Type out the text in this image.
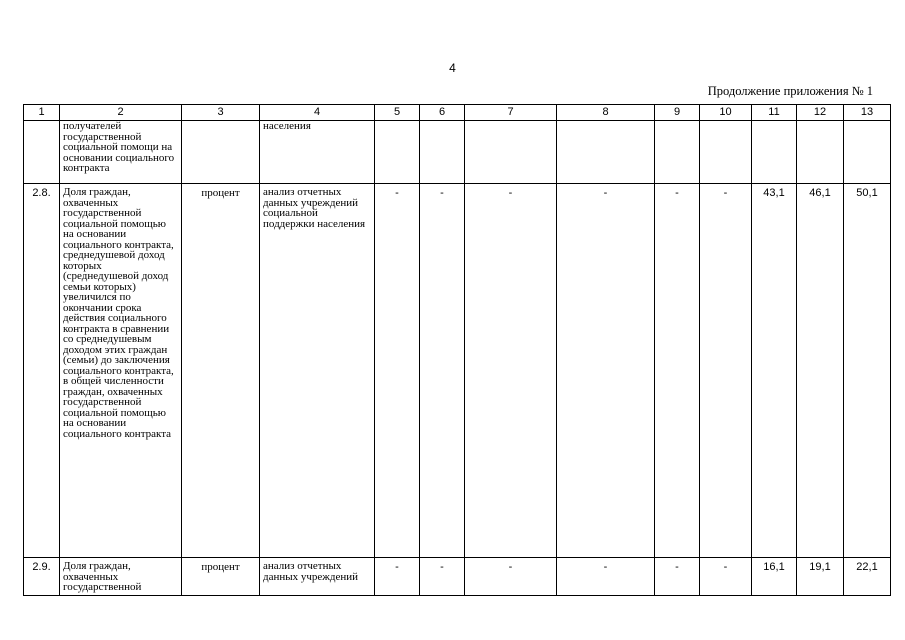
4
Продолжение приложения № 1
1	2	3	4	5	6	7	8	9	10	11	12	13
	получателей государственной социальной помощи на основании социального контракта		населения									
2.8.	Доля граждан, охваченных государственной социальной помощью на основании социального контракта, среднедушевой доход которых (среднедушевой доход семьи которых) увеличился по окончании срока действия социального контракта в сравнении со среднедушевым доходом этих граждан (семьи) до заключения социального контракта, в общей численности граждан, охваченных государственной социальной помощью на основании социального контракта	процент	анализ отчетных данных учреждений социальной поддержки населения	-	-	-	-	-	-	43,1	46,1	50,1
2.9.	Доля граждан, охваченных государственной	процент	анализ отчетных данных учреждений	-	-	-	-	-	-	16,1	19,1	22,1
